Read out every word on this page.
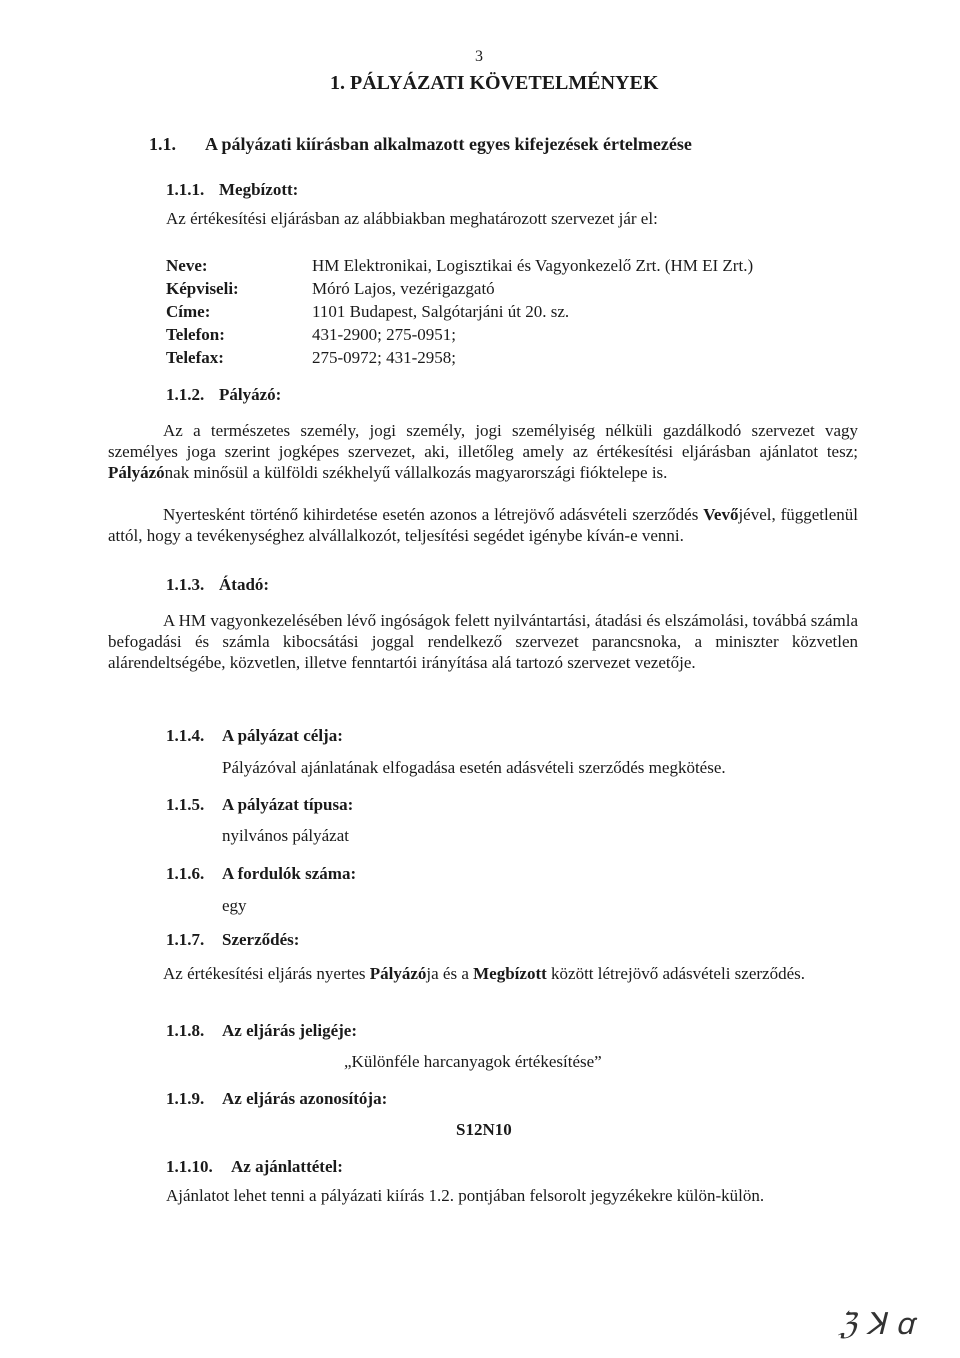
3
1. PÁLYÁZATI KÖVETELMÉNYEK
1.1. A pályázati kiírásban alkalmazott egyes kifejezések értelmezése
1.1.1. Megbízott:
Az értékesítési eljárásban az alábbiakban meghatározott szervezet jár el:
Neve:	HM Elektronikai, Logisztikai és Vagyonkezelő Zrt. (HM EI Zrt.)
Képviseli:	Móró Lajos, vezérigazgató
Címe:	1101 Budapest, Salgótarjáni út 20. sz.
Telefon:	431-2900; 275-0951;
Telefax:	275-0972; 431-2958;
1.1.2. Pályázó:
Az a természetes személy, jogi személy, jogi személyiség nélküli gazdálkodó szervezet vagy személyes joga szerint jogképes szervezet, aki, illetőleg amely az értékesítési eljárásban ajánlatot tesz; Pályázónak minősül a külföldi székhelyű vállalkozás magyarországi fióktelepe is.
Nyertesként történő kihirdetése esetén azonos a létrejövő adásvételi szerződés Vevőjével, függetlenül attól, hogy a tevékenységhez alvállalkozót, teljesítési segédet igénybe kíván-e venni.
1.1.3. Átadó:
A HM vagyonkezelésében lévő ingóságok felett nyilvántartási, átadási és elszámolási, továbbá számla befogadási és számla kibocsátási joggal rendelkező szervezet parancsnoka, a miniszter közvetlen alárendeltségébe, közvetlen, illetve fenntartói irányítása alá tartozó szervezet vezetője.
1.1.4. A pályázat célja:
Pályázóval ajánlatának elfogadása esetén adásvételi szerződés megkötése.
1.1.5. A pályázat típusa:
nyilvános pályázat
1.1.6. A fordulók száma:
egy
1.1.7. Szerződés:
Az értékesítési eljárás nyertes Pályázója és a Megbízott között létrejövő adásvételi szerződés.
1.1.8. Az eljárás jeligéje:
„Különféle harcanyagok értékesítése”
1.1.9. Az eljárás azonosítója:
S12N10
1.1.10. Az ajánlattétel:
Ajánlatot lehet tenni a pályázati kiírás 1.2. pontjában felsorolt jegyzékekre külön-külön.
ℨ ꓘ ꭤ
